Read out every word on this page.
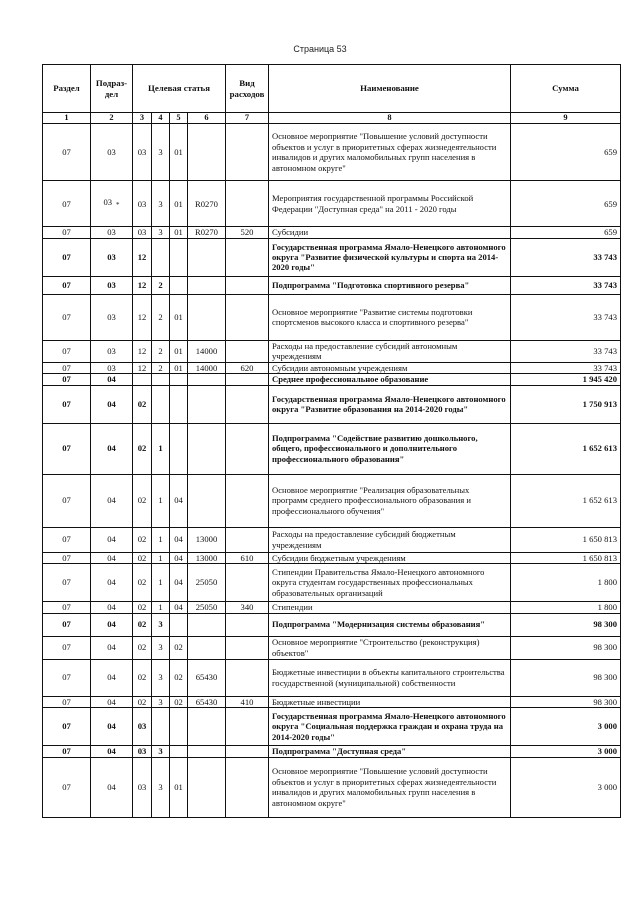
Страница 53
Раздел	Подраз-дел	Целевая статья				Вид расходов	Наименование	Сумма
1	2	3	4	5	6	7	8	9
07	03	03	3	01			Основное мероприятие "Повышение условий доступности объектов и услуг в приоритетных сферах жизнедеятельности инвалидов и других маломобильных групп населения в автономном округе"	659
07	03 $_*$	03	3	01	R0270		Мероприятия государственной программы Российской Федерации "Доступная среда" на 2011 - 2020 годы	659
07	03	03	3	01	R0270	520	Субсидии	659
07	03	12					Государственная программа Ямало-Ненецкого автономного округа "Развитие физической культуры и спорта на 2014-2020 годы"	33 743
07	03	12	2				Подпрограмма "Подготовка спортивного резерва"	33 743
07	03	12	2	01			Основное мероприятие "Развитие системы подготовки спортсменов высокого класса и спортивного резерва"	33 743
07	03	12	2	01	14000		Расходы на предоставление субсидий автономным учреждениям	33 743
07	03	12	2	01	14000	620	Субсидии автономным учреждениям	33 743
07	04						Среднее профессиональное образование	1 945 420
07	04	02					Государственная программа Ямало-Ненецкого автономного округа "Развитие образования на 2014-2020 годы"	1 750 913
07	04	02	1				Подпрограмма "Содействие развитию дошкольного, общего, профессионального и дополнительного профессионального образования"	1 652 613
07	04	02	1	04			Основное мероприятие "Реализация образовательных программ среднего профессионального образования и профессионального обучения"	1 652 613
07	04	02	1	04	13000		Расходы на предоставление субсидий бюджетным учреждениям	1 650 813
07	04	02	1	04	13000	610	Субсидии бюджетным учреждениям	1 650 813
07	04	02	1	04	25050		Стипендии Правительства Ямало-Ненецкого автономного округа студентам государственных профессиональных образовательных организаций	1 800
07	04	02	1	04	25050	340	Стипендии	1 800
07	04	02	3				Подпрограмма "Модернизация системы образования"	98 300
07	04	02	3	02			Основное мероприятие "Строительство (реконструкция) объектов"	98 300
07	04	02	3	02	65430		Бюджетные инвестиции в объекты капитального строительства государственной (муниципальной) собственности	98 300
07	04	02	3	02	65430	410	Бюджетные инвестиции	98 300
07	04	03					Государственная программа Ямало-Ненецкого автономного округа "Социальная поддержка граждан и охрана труда на 2014-2020 годы"	3 000
07	04	03	3				Подпрограмма "Доступная среда"	3 000
07	04	03	3	01			Основное мероприятие "Повышение условий доступности объектов и услуг в приоритетных сферах жизнедеятельности инвалидов и других маломобильных групп населения в автономном округе"	3 000
